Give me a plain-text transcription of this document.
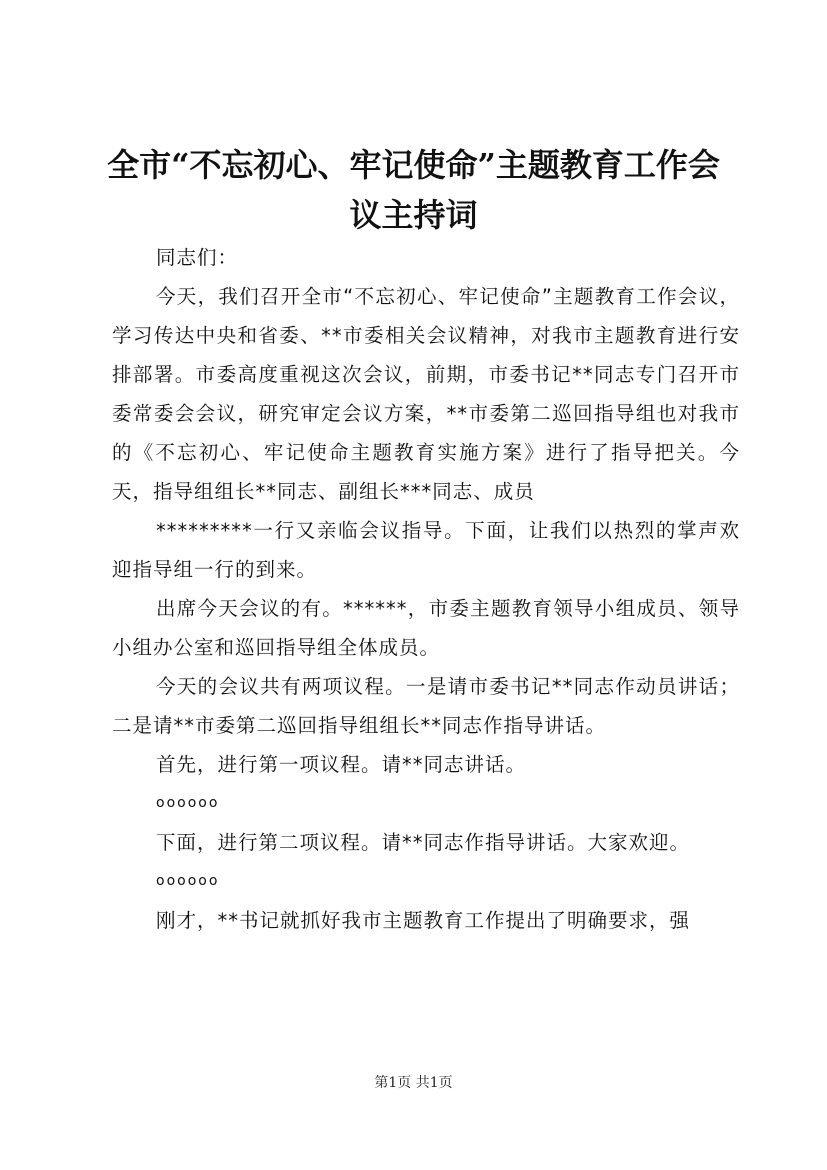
全市“不忘初心、牢记使命”主题教育工作会议主持词

同志们：

今天，我们召开全市“不忘初心、牢记使命”主题教育工作会议，学习传达中央和省委、**市委相关会议精神，对我市主题教育进行安排部署。市委高度重视这次会议，前期，市委书记**同志专门召开市委常委会会议，研究审定会议方案，**市委第二巡回指导组也对我市的《不忘初心、牢记使命主题教育实施方案》进行了指导把关。今天，指导组组长**同志、副组长***同志、成员

*********一行又亲临会议指导。下面，让我们以热烈的掌声欢迎指导组一行的到来。

出席今天会议的有。******，市委主题教育领导小组成员、领导小组办公室和巡回指导组全体成员。

今天的会议共有两项议程。一是请市委书记**同志作动员讲话；二是请**市委第二巡回指导组组长**同志作指导讲话。

首先，进行第一项议程。请**同志讲话。

oooooo

下面，进行第二项议程。请**同志作指导讲话。大家欢迎。

oooooo

刚才，**书记就抓好我市主题教育工作提出了明确要求，强

第1页 共1页
